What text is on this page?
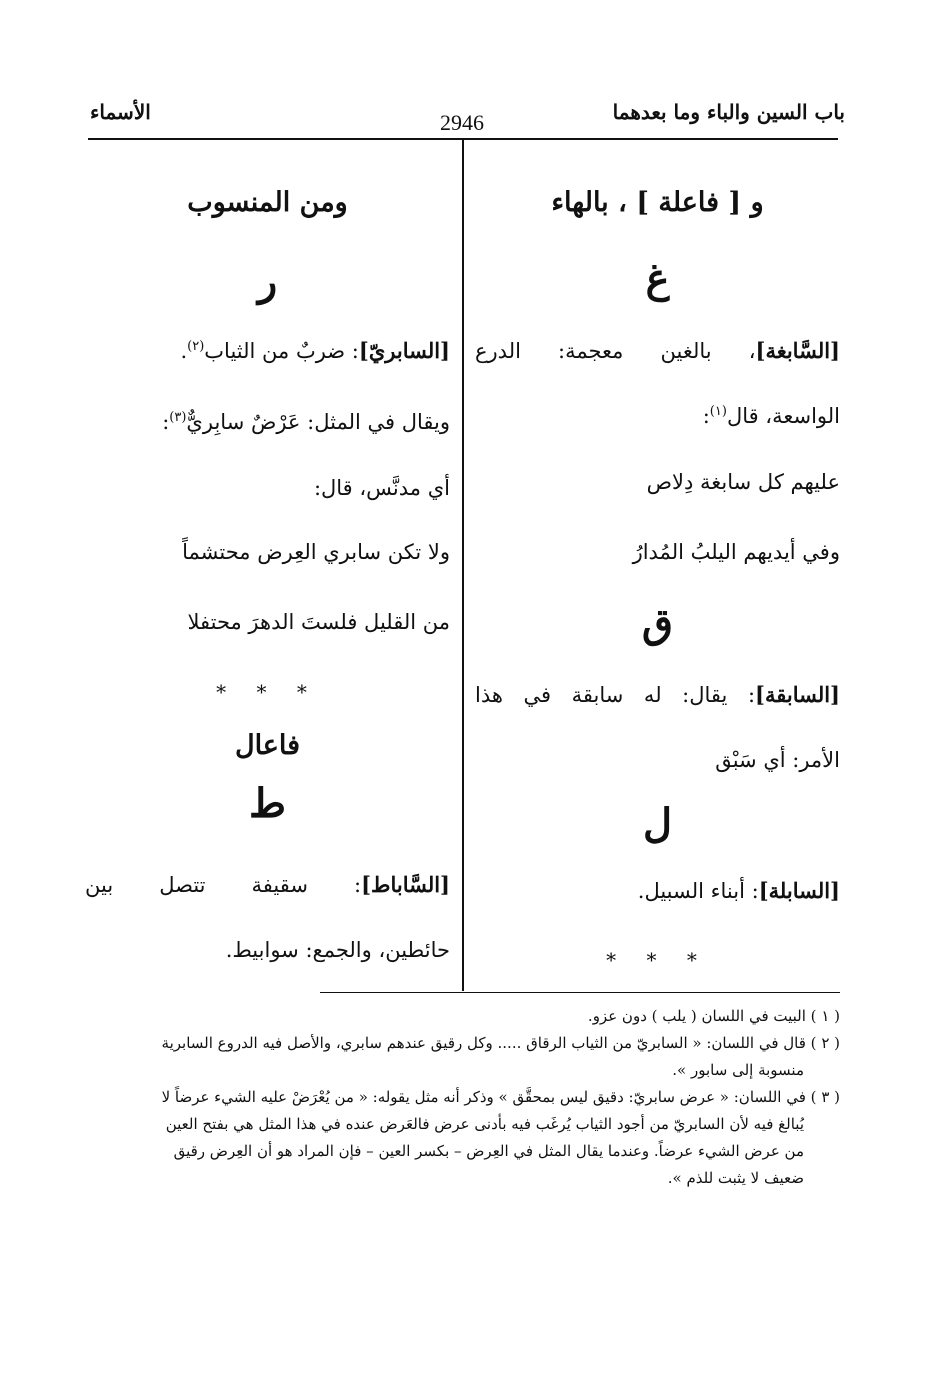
باب السين والباء وما بعدهما
2946
الأسماء
و [ فاعلة ] ، بالهاء
غ
[السَّابغة]، بالغين معجمة: الدرع
الواسعة، قال$^{(١)}$:
عليهم كل سابغة دِلاص
وفي أيديهم اليلبُ المُدارُ
ق
[السابقة]: يقال: له سابقة في هذا
الأمر: أي سَبْق
ل
[السابلة]: أبناء السبيل.
* * *
ومن المنسوب
ر
[السابريّ]: ضربٌ من الثياب$^{(٢)}$.
ويقال في المثل: عَرْضٌ سابِريٌّ$^{(٣)}$:
أي مدنَّس، قال:
ولا تكن سابري العِرض محتشماً
من القليل فلستَ الدهرَ محتفلا
* * *
فاعال
ط
[السَّاباط]: سقيفة تتصل بين
حائطين، والجمع: سوابيط.
( ١ ) البيت في اللسان ( يلب ) دون عزو.
( ٢ ) قال في اللسان: « السابريّ من الثياب الرقاق ..... وكل رقيق عندهم سابري، والأصل فيه الدروع السابرية
منسوبة إلى سابور ».
( ٣ ) في اللسان: « عرض سابريّ: دقيق ليس بمحقَّق » وذكر أنه مثل يقوله: « من يُعْرَضْ عليه الشيء عرضاً لا
يُبالغ فيه لأن السابريّ من أجود الثياب يُرغَب فيه بأدنى عرض فالعَرض عنده في هذا المثل هي بفتح العين
من عرض الشيء عرضاً. وعندما يقال المثل في العِرض – بكسر العين – فإن المراد هو أن العِرض رقيق
ضعيف لا يثبت للذم ».
